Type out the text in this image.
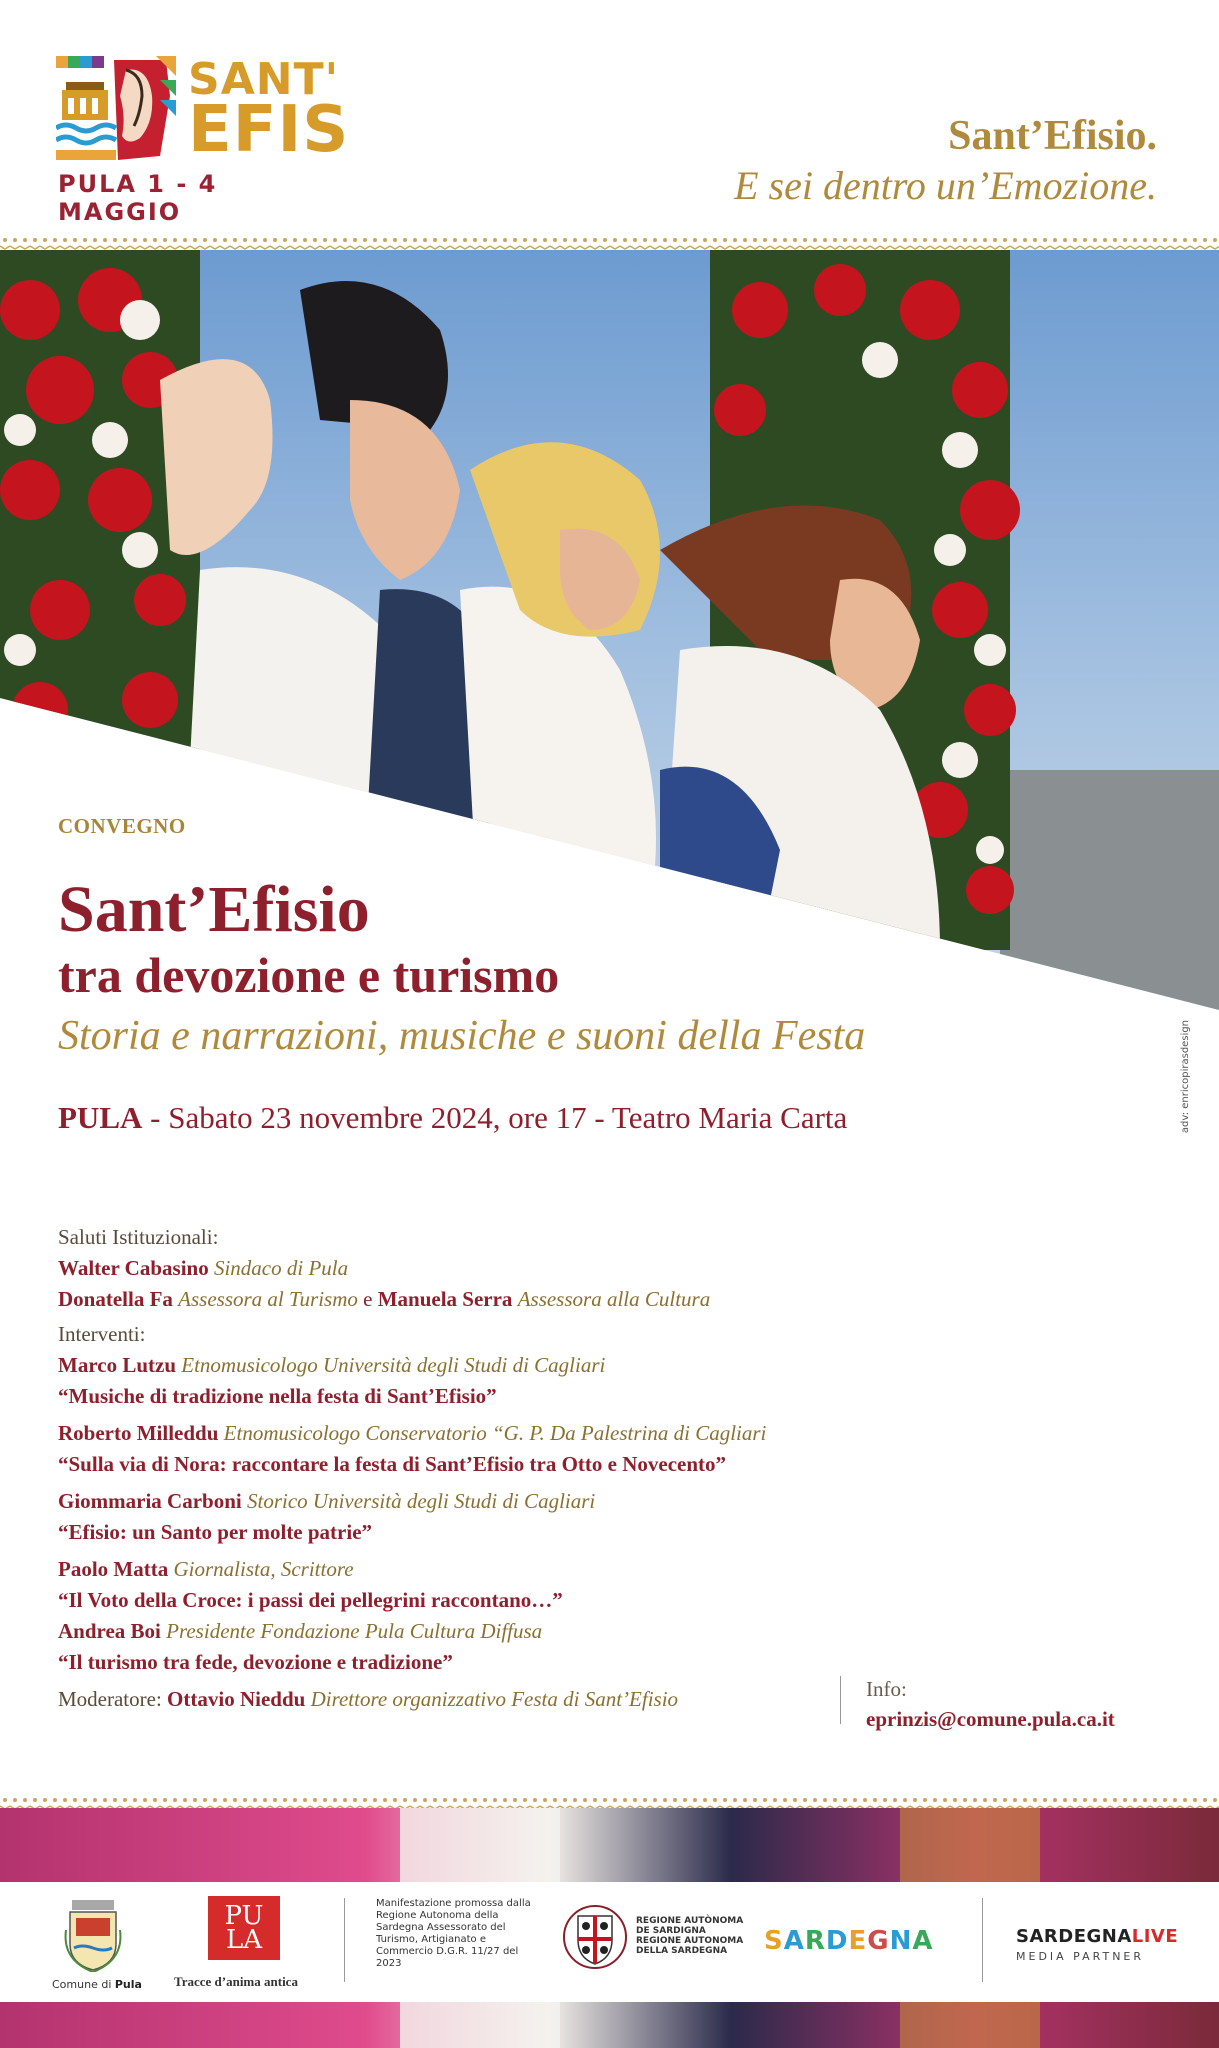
SANT'
EFIS
PULA 1 - 4 MAGGIO
Sant’Efisio.
E sei dentro un’Emozione.
CONVEGNO
Sant’Efisio
tra devozione e turismo
Storia e narrazioni, musiche e suoni della Festa
PULA - Sabato 23 novembre 2024, ore 17 - Teatro Maria Carta	adv: enricopirasdesign
Saluti Istituzionali:
Walter Cabasino Sindaco di Pula
Donatella Fa Assessora al Turismo e Manuela Serra Assessora alla Cultura
Interventi:
Marco Lutzu Etnomusicologo Università degli Studi di Cagliari
“Musiche di tradizione nella festa di Sant’Efisio”
Roberto Milleddu Etnomusicologo Conservatorio “G. P. Da Palestrina di Cagliari
“Sulla via di Nora: raccontare la festa di Sant’Efisio tra Otto e Novecento”
Giommaria Carboni Storico Università degli Studi di Cagliari
“Efisio: un Santo per molte patrie”
Paolo Matta Giornalista, Scrittore
“Il Voto della Croce: i passi dei pellegrini raccontano…”
Andrea Boi Presidente Fondazione Pula Cultura Diffusa
“Il turismo tra fede, devozione e tradizione”
Moderatore: Ottavio Nieddu Direttore organizzativo Festa di Sant’Efisio	Info:
eprinzis@comune.pula.ca.it
Comune di Pula
PU
LA
Tracce d’anima antica
Manifestazione promossa dalla Regione Autonoma della Sardegna Assessorato del Turismo, Artigianato e Commercio D.G.R. 11/27 del 2023
REGIONE AUTÒNOMA
DE SARDIGNA
REGIONE AUTONOMA
DELLA SARDEGNA	SARDEGNA	SARDEGNALIVE
MEDIA PARTNER
